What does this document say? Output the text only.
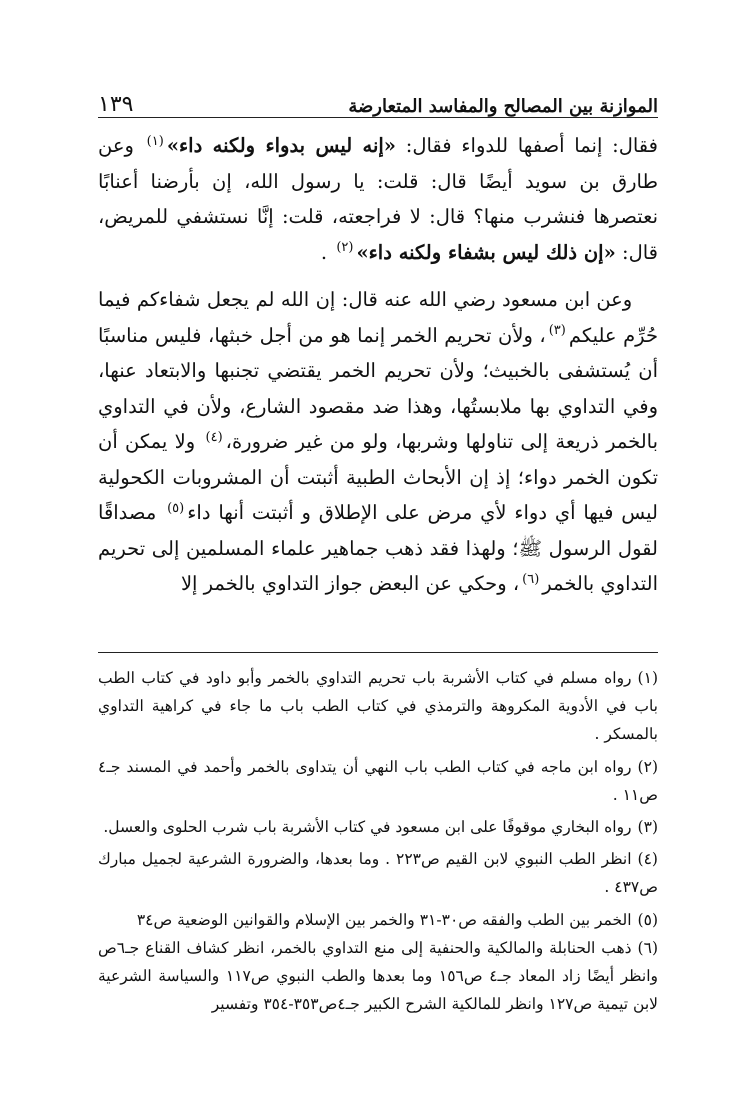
الموازنة بين المصالح والمفاسد المتعارضة
١٣٩

فقال: إنما أصفها للدواء فقال: «إنه ليس بدواء ولكنه داء»$^{(١)}$ وعن طارق بن سويد أيضًا قال: قلت: يا رسول الله، إن بأرضنا أعنابًا نعتصرها فنشرب منها؟ قال: لا فراجعته، قلت: إنَّا نستشفي للمريض، قال: «إن ذلك ليس بشفاء ولكنه داء»$^{(٢)}$ .

وعن ابن مسعود رضي الله عنه قال: إن الله لم يجعل شفاءكم فيما حُرِّم عليكم$^{(٣)}$، ولأن تحريم الخمر إنما هو من أجل خبثها، فليس مناسبًا أن يُستشفى بالخبيث؛ ولأن تحريم الخمر يقتضي تجنبها والابتعاد عنها، وفي التداوي بها ملابستُها، وهذا ضد مقصود الشارع، ولأن في التداوي بالخمر ذريعة إلى تناولها وشربها، ولو من غير ضرورة،$^{(٤)}$ ولا يمكن أن تكون الخمر دواء؛ إذ إن الأبحاث الطبية أثبتت أن المشروبات الكحولية ليس فيها أي دواء لأي مرض على الإطلاق و أثبتت أنها داء$^{(٥)}$ مصداقًا لقول الرسول ﷺ؛ ولهذا فقد ذهب جماهير علماء المسلمين إلى تحريم التداوي بالخمر$^{(٦)}$، وحكي عن البعض جواز التداوي بالخمر إلا

(١)رواه مسلم في كتاب الأشربة باب تحريم التداوي بالخمر وأبو داود في كتاب الطب باب في الأدوية المكروهة والترمذي في كتاب الطب باب ما جاء في كراهية التداوي بالمسكر .

(٢)رواه ابن ماجه في كتاب الطب باب النهي أن يتداوى بالخمر وأحمد في المسند جـ٤ ص١١ .

(٣)رواه البخاري موقوفًا على ابن مسعود في كتاب الأشربة باب شرب الحلوى والعسل.

(٤)انظر الطب النبوي لابن القيم ص٢٢٣ . وما بعدها، والضرورة الشرعية لجميل مبارك ص٤٣٧ .

(٥)الخمر بين الطب والفقه ص٣٠-٣١ والخمر بين الإسلام والقوانين الوضعية ص٣٤

(٦)ذهب الحنابلة والمالكية والحنفية إلى منع التداوي بالخمر، انظر كشاف القناع جـ٦ص وانظر أيضًا زاد المعاد جـ٤ ص١٥٦ وما بعدها والطب النبوي ص١١٧ والسياسة الشرعية لابن تيمية ص١٢٧ وانظر للمالكية الشرح الكبير جـ٤ص٣٥٣-٣٥٤ وتفسير
